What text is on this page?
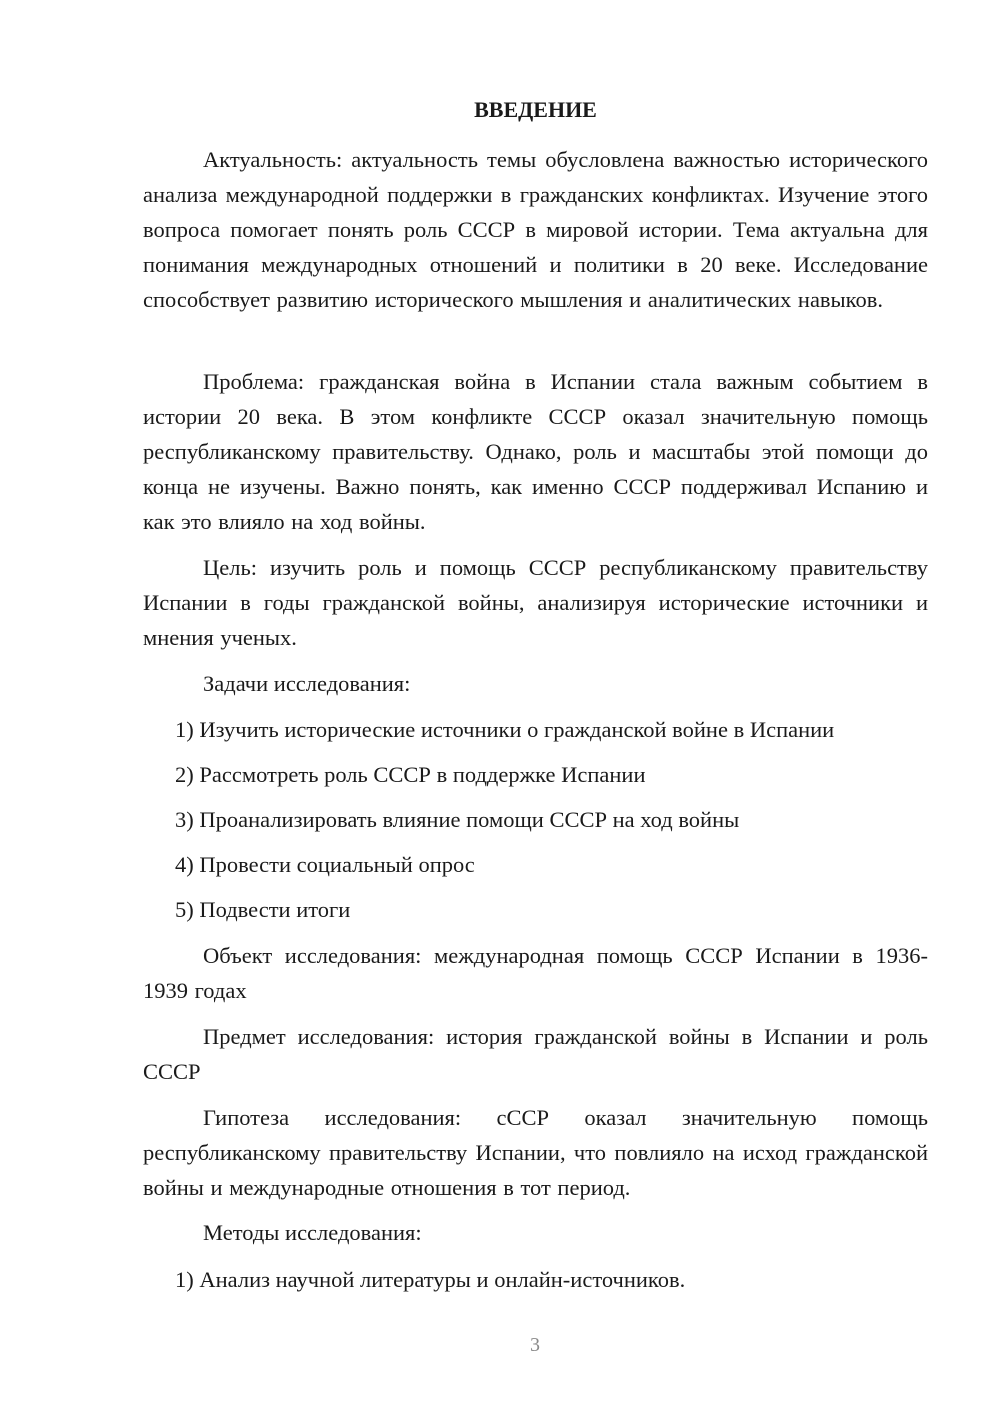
ВВЕДЕНИЕ

Актуальность: актуальность темы обусловлена важностью исторического анализа международной поддержки в гражданских конфликтах. Изучение этого вопроса помогает понять роль СССР в мировой истории. Тема актуальна для понимания международных отношений и политики в 20 веке. Исследование способствует развитию исторического мышления и аналитических навыков.

Проблема: гражданская война в Испании стала важным событием в истории 20 века. В этом конфликте СССР оказал значительную помощь республиканскому правительству. Однако, роль и масштабы этой помощи до конца не изучены. Важно понять, как именно СССР поддерживал Испанию и как это влияло на ход войны.

Цель: изучить роль и помощь СССР республиканскому правительству Испании в годы гражданской войны, анализируя исторические источники и мнения ученых.

Задачи исследования:

1) Изучить исторические источники о гражданской войне в Испании

2) Рассмотреть роль СССР в поддержке Испании

3) Проанализировать влияние помощи СССР на ход войны

4) Провести социальный опрос

5) Подвести итоги

Объект исследования: международная помощь СССР Испании в 1936-1939 годах

Предмет исследования: история гражданской войны в Испании и роль СССР

Гипотеза исследования: сССР оказал значительную помощь республиканскому правительству Испании, что повлияло на исход гражданской войны и международные отношения в тот период.

Методы исследования:

1) Анализ научной литературы и онлайн-источников.

3
